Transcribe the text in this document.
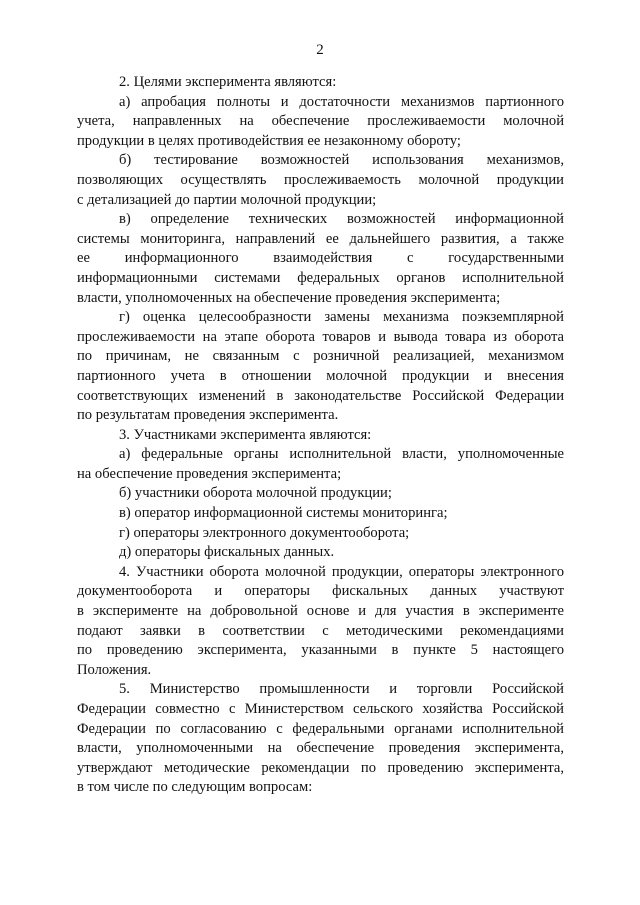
2
2. Целями эксперимента являются:
а) апробация полноты и достаточности механизмов партионного
учета, направленных на обеспечение прослеживаемости молочной
продукции в целях противодействия ее незаконному обороту;
б) тестирование возможностей использования механизмов,
позволяющих осуществлять прослеживаемость молочной продукции
с детализацией до партии молочной продукции;
в) определение технических возможностей информационной
системы мониторинга, направлений ее дальнейшего развития, а также
ее информационного взаимодействия с государственными
информационными системами федеральных органов исполнительной
власти, уполномоченных на обеспечение проведения эксперимента;
г) оценка целесообразности замены механизма поэкземплярной
прослеживаемости на этапе оборота товаров и вывода товара из оборота
по причинам, не связанным с розничной реализацией, механизмом
партионного учета в отношении молочной продукции и внесения
соответствующих изменений в законодательстве Российской Федерации
по результатам проведения эксперимента.
3. Участниками эксперимента являются:
а) федеральные органы исполнительной власти, уполномоченные
на обеспечение проведения эксперимента;
б) участники оборота молочной продукции;
в) оператор информационной системы мониторинга;
г) операторы электронного документооборота;
д) операторы фискальных данных.
4. Участники оборота молочной продукции, операторы электронного
документооборота и операторы фискальных данных участвуют
в эксперименте на добровольной основе и для участия в эксперименте
подают заявки в соответствии с методическими рекомендациями
по проведению эксперимента, указанными в пункте 5 настоящего
Положения.
5. Министерство промышленности и торговли Российской
Федерации совместно с Министерством сельского хозяйства Российской
Федерации по согласованию с федеральными органами исполнительной
власти, уполномоченными на обеспечение проведения эксперимента,
утверждают методические рекомендации по проведению эксперимента,
в том числе по следующим вопросам:
